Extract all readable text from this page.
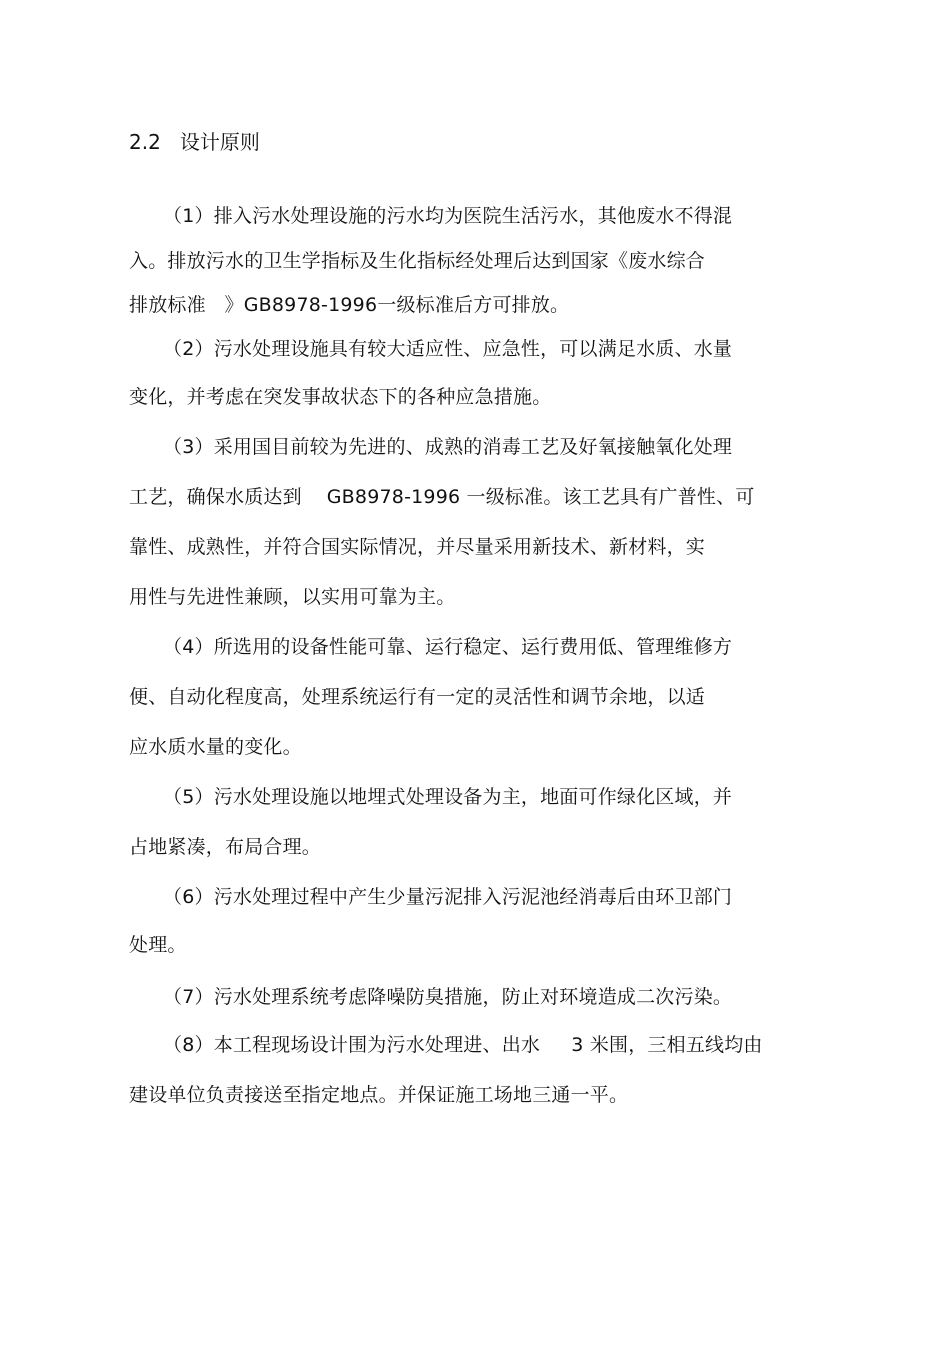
2.2   设计原则
（1）排入污水处理设施的污水均为医院生活污水，其他废水不得混
入。排放污水的卫生学指标及生化指标经处理后达到国家《废水综合
排放标准   》GB8978-1996一级标准后方可排放。
（2）污水处理设施具有较大适应性、应急性，可以满足水质、水量
变化，并考虑在突发事故状态下的各种应急措施。
（3）采用国目前较为先进的、成熟的消毒工艺及好氧接触氧化处理
工艺，确保水质达到    GB8978-1996 一级标准。该工艺具有广普性、可
靠性、成熟性，并符合国实际情况，并尽量采用新技术、新材料，实
用性与先进性兼顾，以实用可靠为主。
（4）所选用的设备性能可靠、运行稳定、运行费用低、管理维修方
便、自动化程度高，处理系统运行有一定的灵活性和调节余地，以适
应水质水量的变化。
（5）污水处理设施以地埋式处理设备为主，地面可作绿化区域，并
占地紧凑，布局合理。
（6）污水处理过程中产生少量污泥排入污泥池经消毒后由环卫部门
处理。
（7）污水处理系统考虑降噪防臭措施，防止对环境造成二次污染。
（8）本工程现场设计围为污水处理进、出水     3 米围，三相五线均由
建设单位负责接送至指定地点。并保证施工场地三通一平。
